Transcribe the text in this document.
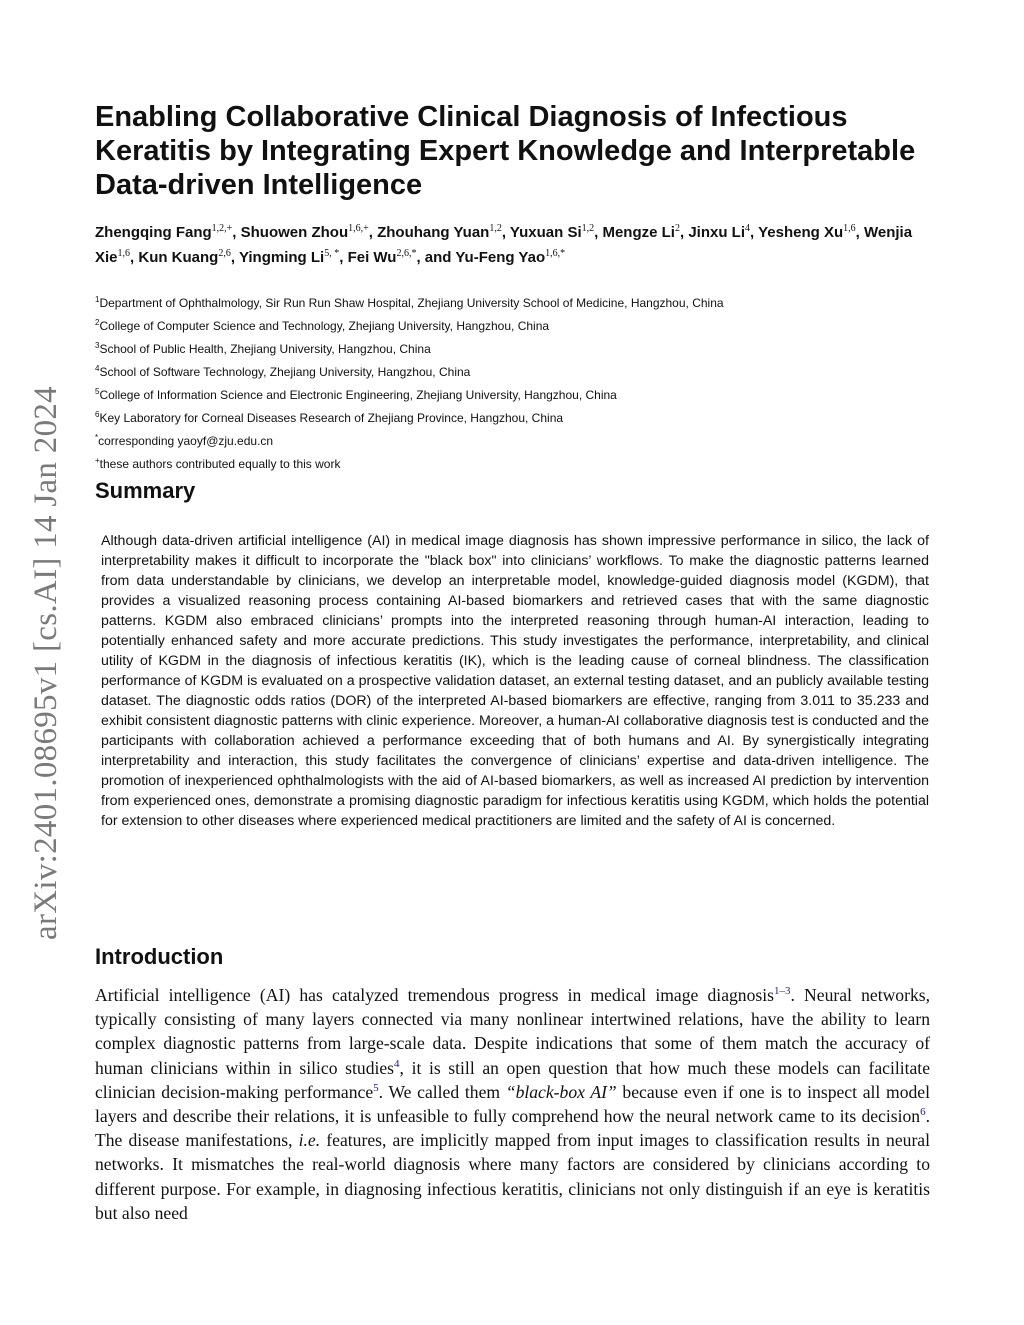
arXiv:2401.08695v1 [cs.AI] 14 Jan 2024
Enabling Collaborative Clinical Diagnosis of Infectious Keratitis by Integrating Expert Knowledge and Interpretable Data-driven Intelligence

Zhengqing Fang$^{1,2,+}$, Shuowen Zhou$^{1,6,+}$, Zhouhang Yuan$^{1,2}$, Yuxuan Si$^{1,2}$, Mengze Li$^2$, Jinxu Li$^4$, Yesheng Xu$^{1,6}$, Wenjia Xie$^{1,6}$, Kun Kuang$^{2,6}$, Yingming $Li^{5, *}$, Fei $Wu^{2,6,*}$, and Yu-Feng Yao$^{1,6,*}$

$^1$Department of Ophthalmology, Sir Run Run Shaw Hospital, Zhejiang University School of Medicine, Hangzhou, China
$^2$College of Computer Science and Technology, Zhejiang University, Hangzhou, China
$^3$School of Public Health, Zhejiang University, Hangzhou, China
$^4$School of Software Technology, Zhejiang University, Hangzhou, China
$^5$College of Information Science and Electronic Engineering, Zhejiang University, Hangzhou, China
$^6$Key Laboratory for Corneal Diseases Research of Zhejiang Province, Hangzhou, China
*corresponding yaoyf@zju.edu.cn
+these authors contributed equally to this work
Summary

Although data-driven artificial intelligence (AI) in medical image diagnosis has shown impressive performance in silico, the lack of interpretability makes it difficult to incorporate the "black box" into clinicians’ workflows. To make the diagnostic patterns learned from data understandable by clinicians, we develop an interpretable model, knowledge-guided diagnosis model (KGDM), that provides a visualized reasoning process containing AI-based biomarkers and retrieved cases that with the same diagnostic patterns. KGDM also embraced clinicians’ prompts into the interpreted reasoning through human-AI interaction, leading to potentially enhanced safety and more accurate predictions. This study investigates the performance, interpretability, and clinical utility of KGDM in the diagnosis of infectious keratitis (IK), which is the leading cause of corneal blindness. The classification performance of KGDM is evaluated on a prospective validation dataset, an external testing dataset, and an publicly available testing dataset. The diagnostic odds ratios (DOR) of the interpreted AI-based biomarkers are effective, ranging from 3.011 to 35.233 and exhibit consistent diagnostic patterns with clinic experience. Moreover, a human-AI collaborative diagnosis test is conducted and the participants with collaboration achieved a performance exceeding that of both humans and AI. By synergistically integrating interpretability and interaction, this study facilitates the convergence of clinicians’ expertise and data-driven intelligence. The promotion of inexperienced ophthalmologists with the aid of AI-based biomarkers, as well as increased AI prediction by intervention from experienced ones, demonstrate a promising diagnostic paradigm for infectious keratitis using KGDM, which holds the potential for extension to other diseases where experienced medical practitioners are limited and the safety of AI is concerned.

Introduction

Artificial intelligence (AI) has catalyzed tremendous progress in medical image diagnosis$^{1-3}$. Neural networks, typically consisting of many layers connected via many nonlinear intertwined relations, have the ability to learn complex diagnostic patterns from large-scale data. Despite indications that some of them match the accuracy of human clinicians within in silico studies$^4$, it is still an open question that how much these models can facilitate clinician decision-making performance$^5$. We called them “black-box AI” because even if one is to inspect all model layers and describe their relations, it is unfeasible to fully comprehend how the neural network came to its decision$^6$. The disease manifestations, i.e. features, are implicitly mapped from input images to classification results in neural networks. It mismatches the real-world diagnosis where many factors are considered by clinicians according to different purpose. For example, in diagnosing infectious keratitis, clinicians not only distinguish if an eye is keratitis but also need
